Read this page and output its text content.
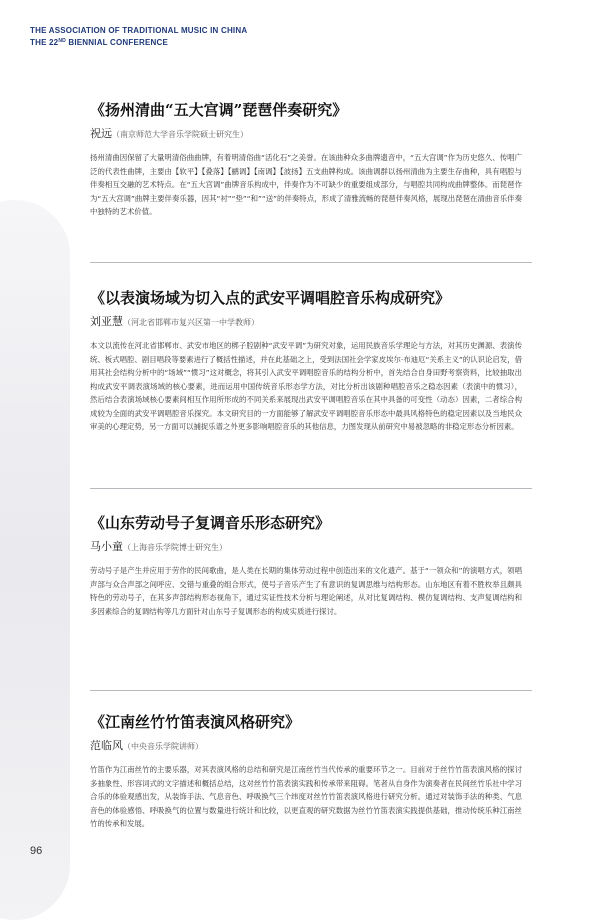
THE ASSOCIATION OF TRADITIONAL MUSIC IN CHINA
THE 22ND BIENNIAL CONFERENCE
《扬州清曲“五大宫调”琵琶伴奏研究》
祝远（南京师范大学音乐学院硕士研究生）

扬州清曲因保留了大量明清俗曲曲牌，有着明清俗曲“活化石”之美誉。在该曲种众多曲牌遗音中，“五大宫调”作为历史悠久、传唱广泛的代表性曲牌，主要由【软平】【叠落】【鹂调】【南调】【波扬】五支曲牌构成。该曲调群以扬州清曲为主要生存曲种，具有唱腔与伴奏相互交融的艺术特点。在“五大宫调”曲牌音乐构成中，伴奏作为不可缺少的重要组成部分，与唱腔共同构成曲牌整体。而琵琶作为“五大宫调”曲牌主要伴奏乐器，因其“衬”“垫”“和”“送”的伴奏特点，形成了清雅流畅的琵琶伴奏风格，展现出琵琶在清曲音乐伴奏中独特的艺术价值。

《以表演场域为切入点的武安平调唱腔音乐构成研究》
刘亚慧（河北省邯郸市复兴区第一中学教师）

本文以流传在河北省邯郸市、武安市地区的梆子腔剧种“武安平调”为研究对象，运用民族音乐学理论与方法，对其历史渊源、表演传统、板式唱腔、剧目唱段等要素进行了概括性描述，并在此基础之上，受到法国社会学家皮埃尔·布迪厄“关系主义”的认识论启发，借用其社会结构分析中的“场域”“惯习”这对概念，将其引入武安平调唱腔音乐的结构分析中，首先结合自身田野考察资料，比较抽取出构成武安平调表演场域的核心要素，进而运用中国传统音乐形态学方法，对比分析出该剧种唱腔音乐之稳态因素（表演中的惯习），然后结合表演场域核心要素间相互作用所形成的不同关系来展现出武安平调唱腔音乐在其中具备的可变性（动态）因素，二者综合构成较为全面的武安平调唱腔音乐探究。本文研究目的一方面能够了解武安平调唱腔音乐形态中最具风格特色的稳定因素以及当地民众审美的心理定势，另一方面可以捕捉乐谱之外更多影响唱腔音乐的其他信息，力图发现从前研究中易被忽略的非稳定形态分析因素。

《山东劳动号子复调音乐形态研究》
马小童（上海音乐学院博士研究生）

劳动号子是产生并应用于劳作的民间歌曲，是人类在长期的集体劳动过程中创造出来的文化遗产。基于“一领众和”的演唱方式，领唱声部与众合声部之间呼应、交错与重叠的组合形式，使号子音乐产生了有意识的复调思维与结构形态。山东地区有着不胜枚举且颇具特色的劳动号子，在其多声部结构形态视角下，通过实证性技术分析与理论阐述，从对比复调结构、模仿复调结构、支声复调结构和多因素综合的复调结构等几方面针对山东号子复调形态的构成实质进行探讨。

《江南丝竹竹笛表演风格研究》
范临风（中央音乐学院讲师）

竹笛作为江南丝竹的主要乐器，对其表演风格的总结和研究是江南丝竹当代传承的重要环节之一。目前对于丝竹竹笛表演风格的探讨多抽象性、形容词式的文字描述和概括总结，这对丝竹竹笛表演实践和传承带来阻碍。笔者从自身作为演奏者在民间丝竹乐社中学习合乐的体验观感出发，从装饰手法、气息音色、呼吸换气三个纬度对丝竹竹笛表演风格进行研究分析。通过对装饰手法的种类、气息音色的体验感悟、呼吸换气的位置与数量进行统计和比较，以更直观的研究数据为丝竹竹笛表演实践提供基础，推动传统乐种江南丝竹的传承和发展。

96
